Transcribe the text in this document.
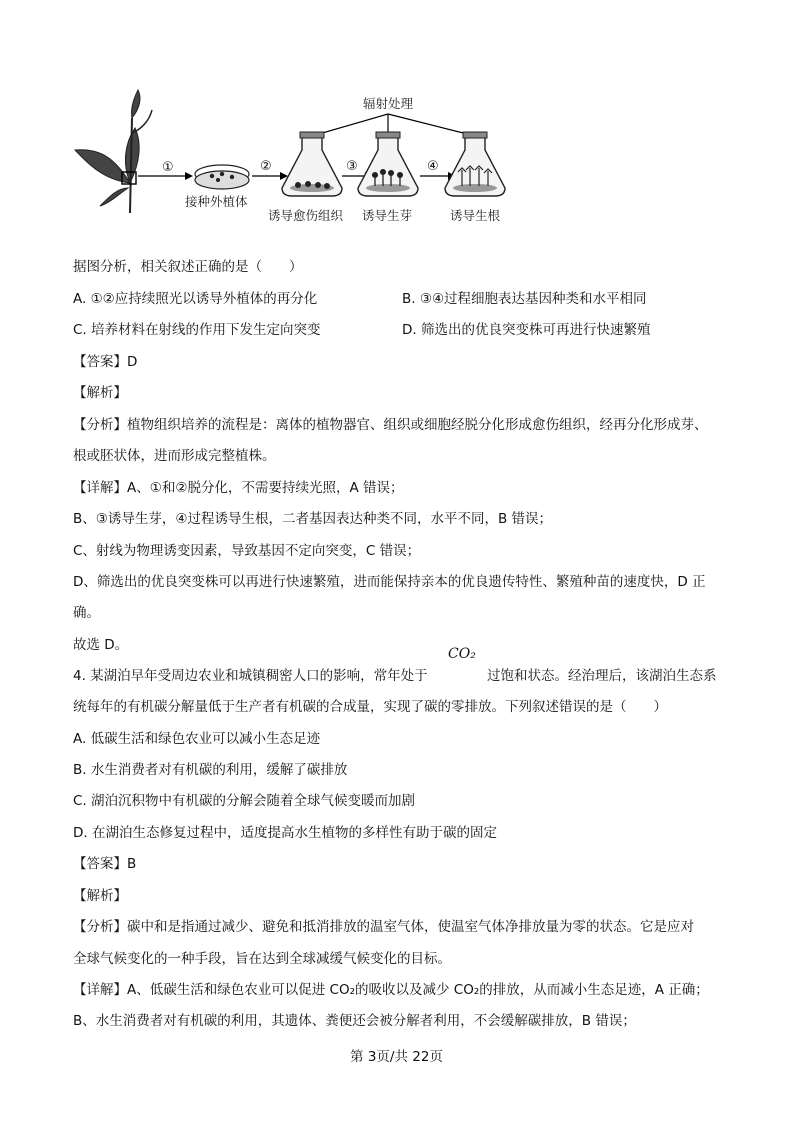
①
接种外植体
②
辐射处理
诱导愈伤组织
③
诱导生芽
④
诱导生根
据图分析，相关叙述正确的是（　　）
A. ①②应持续照光以诱导外植体的再分化	B. ③④过程细胞表达基因种类和水平相同
C. 培养材料在射线的作用下发生定向突变	D. 筛选出的优良突变株可再进行快速繁殖
【答案】D
【解析】
【分析】植物组织培养的流程是：离体的植物器官、组织或细胞经脱分化形成愈伤组织，经再分化形成芽、
根或胚状体，进而形成完整植株。
【详解】A、①和②脱分化，不需要持续光照，A 错误；
B、③诱导生芽，④过程诱导生根，二者基因表达种类不同，水平不同，B 错误；
C、射线为物理诱变因素，导致基因不定向突变，C 错误；
D、筛选出的优良突变株可以再进行快速繁殖，进而能保持亲本的优良遗传特性、繁殖种苗的速度快，D 正
确。
故选 D。
CO₂
4. 某湖泊早年受周边农业和城镇稠密人口的影响，常年处于	过饱和状态。经治理后，该湖泊生态系
统每年的有机碳分解量低于生产者有机碳的合成量，实现了碳的零排放。下列叙述错误的是（　　）
A. 低碳生活和绿色农业可以减小生态足迹
B. 水生消费者对有机碳的利用，缓解了碳排放
C. 湖泊沉积物中有机碳的分解会随着全球气候变暖而加剧
D. 在湖泊生态修复过程中，适度提高水生植物的多样性有助于碳的固定
【答案】B
【解析】
【分析】碳中和是指通过减少、避免和抵消排放的温室气体，使温室气体净排放量为零的状态。它是应对
全球气候变化的一种手段，旨在达到全球减缓气候变化的目标。
【详解】A、低碳生活和绿色农业可以促进 CO₂的吸收以及减少 CO₂的排放，从而减小生态足迹，A 正确；
B、水生消费者对有机碳的利用，其遗体、粪便还会被分解者利用，不会缓解碳排放，B 错误；
第 3页/共 22页
